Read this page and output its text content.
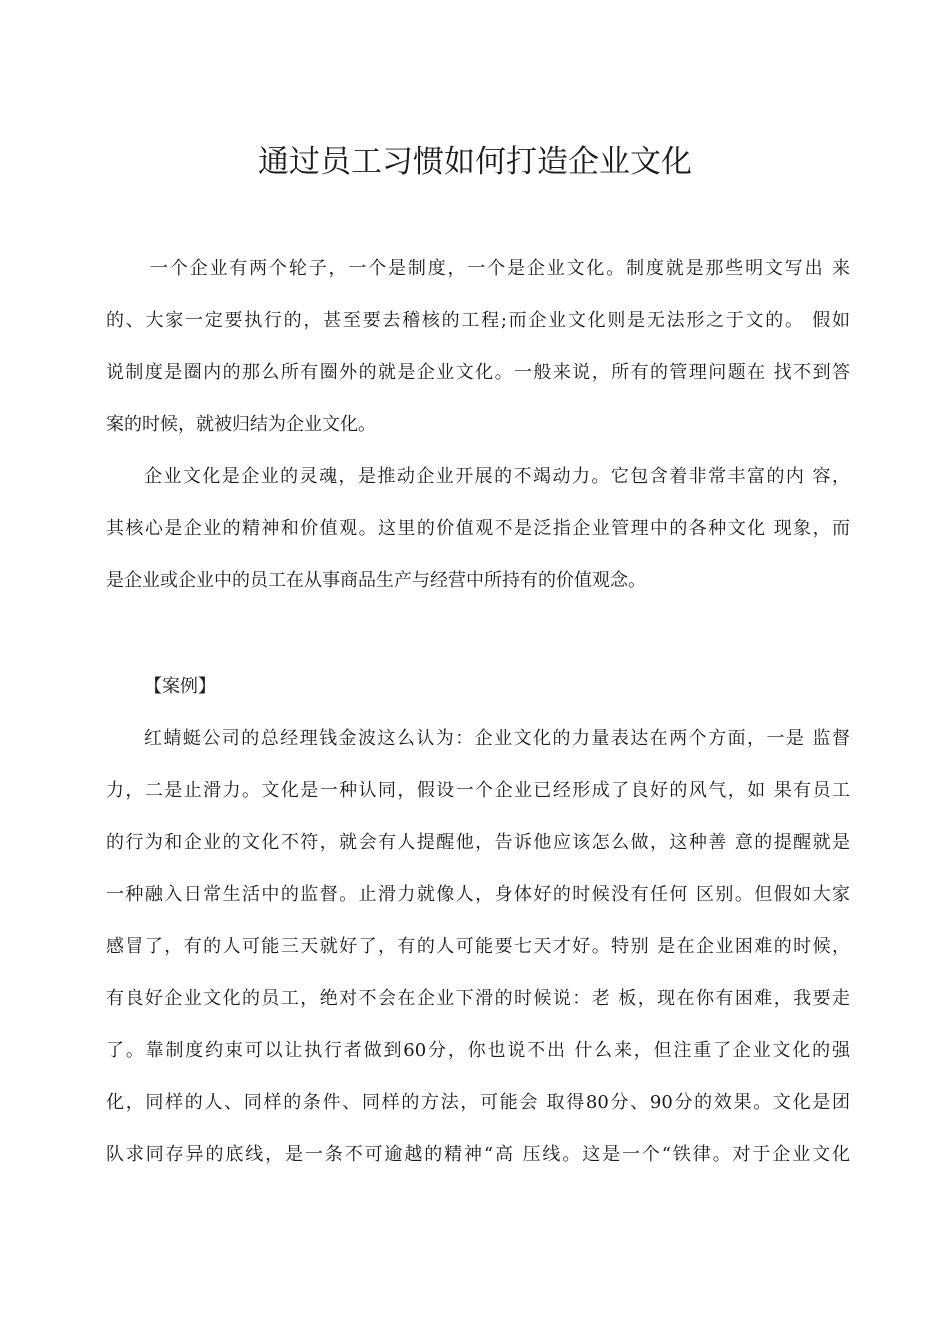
通过员工习惯如何打造企业文化

一个企业有两个轮子，一个是制度，一个是企业文化。制度就是那些明文写出 来

的、大家一定要执行的，甚至要去稽核的工程;而企业文化则是无法形之于文的。 假如

说制度是圈内的那么所有圈外的就是企业文化。一般来说，所有的管理问题在 找不到答

案的时候，就被归结为企业文化。

企业文化是企业的灵魂，是推动企业开展的不竭动力。它包含着非常丰富的内 容，

其核心是企业的精神和价值观。这里的价值观不是泛指企业管理中的各种文化 现象，而

是企业或企业中的员工在从事商品生产与经营中所持有的价值观念。

【案例】

红蜻蜓公司的总经理钱金波这么认为：企业文化的力量表达在两个方面，一是 监督

力，二是止滑力。文化是一种认同，假设一个企业已经形成了良好的风气，如 果有员工

的行为和企业的文化不符，就会有人提醒他，告诉他应该怎么做，这种善 意的提醒就是

一种融入日常生活中的监督。止滑力就像人，身体好的时候没有任何 区别。但假如大家

感冒了，有的人可能三天就好了，有的人可能要七天才好。特别 是在企业困难的时候，

有良好企业文化的员工，绝对不会在企业下滑的时候说：老 板，现在你有困难，我要走

了。靠制度约束可以让执行者做到60分，你也说不出 什么来，但注重了企业文化的强

化，同样的人、同样的条件、同样的方法，可能会 取得80分、90分的效果。文化是团

队求同存异的底线，是一条不可逾越的精神“高 压线。这是一个“铁律。对于企业文化
